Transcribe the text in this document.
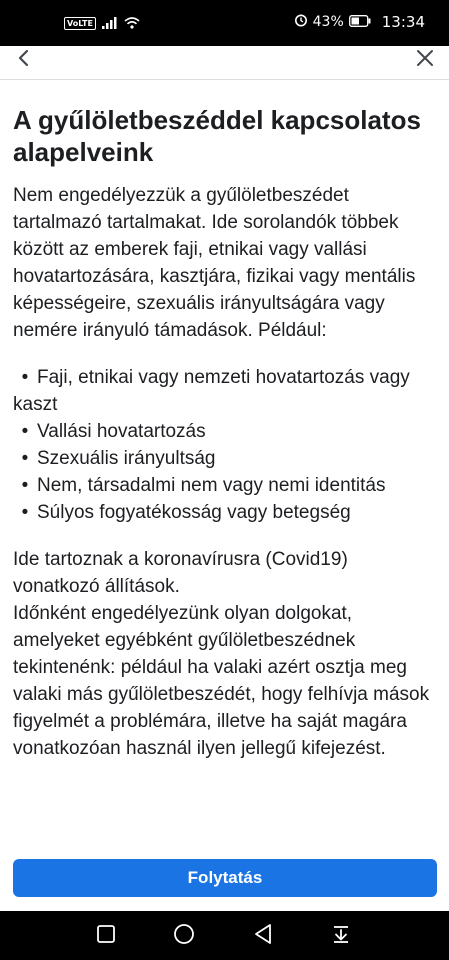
VoLTE	43%	13:34
A gyűlöletbeszéddel kapcsolatos alapelveink

Nem engedélyezzük a gyűlöletbeszédet tartalmazó tartalmakat. Ide sorolandók többek között az emberek faji, etnikai vagy vallási hovatartozására, kasztjára, fizikai vagy mentális képességeire, szexuális irányultságára vagy nemére irányuló támadások. Például:

• Faji, etnikai vagy nemzeti hovatartozás vagy kaszt
• Vallási hovatartozás
• Szexuális irányultság
• Nem, társadalmi nem vagy nemi identitás
• Súlyos fogyatékosság vagy betegség

Ide tartoznak a koronavírusra (Covid19) vonatkozó állítások.

Időnként engedélyezünk olyan dolgokat, amelyeket egyébként gyűlöletbeszédnek tekintenénk: például ha valaki azért osztja meg valaki más gyűlöletbeszédét, hogy felhívja mások figyelmét a problémára, illetve ha saját magára vonatkozóan használ ilyen jellegű kifejezést.

Folytatás
